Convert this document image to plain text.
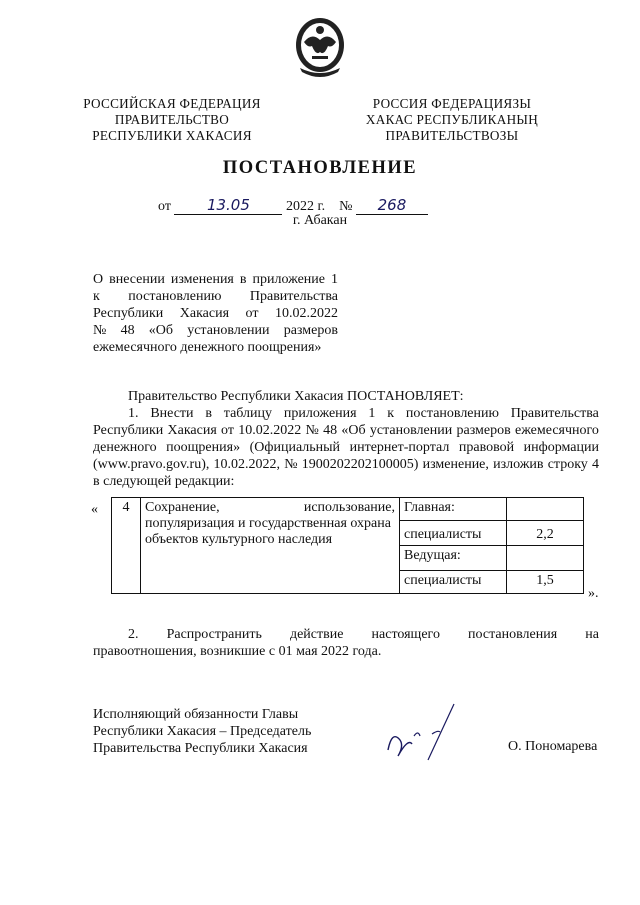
РОССИЙСКАЯ ФЕДЕРАЦИЯ
ПРАВИТЕЛЬСТВО
РЕСПУБЛИКИ ХАКАСИЯ
РОССИЯ ФЕДЕРАЦИЯЗЫ
ХАКАС РЕСПУБЛИКАНЫҢ
ПРАВИТЕЛЬСТВОЗЫ
ПОСТАНОВЛЕНИЕ
от 13.05	2022 г. № 268
г. Абакан
О внесении изменения в приложение 1
к постановлению Правительства
Республики Хакасия от 10.02.2022
№ 48 «Об установлении размеров
ежемесячного денежного поощрения»
Правительство Республики Хакасия ПОСТАНОВЛЯЕТ:
1. Внести в таблицу приложения 1 к постановлению Правительства
Республики Хакасия от 10.02.2022 № 48 «Об установлении размеров ежемесячного
денежного поощрения» (Официальный интернет-портал правовой информации
(www.pravo.gov.ru), 10.02.2022, № 1900202202100005) изменение, изложив строку 4
в следующей редакции:
« 4	Сохранение, использование,
популяризация и государственная охрана объектов культурного наследия	Главная:	
		специалисты	2,2
		Ведущая:	
		специалисты	1,5
».
2. Распространить действие настоящего постановления на
правоотношения, возникшие с 01 мая 2022 года.
Исполняющий обязанности Главы
Республики Хакасия – Председатель
Правительства Республики Хакасия	О. Пономарева
